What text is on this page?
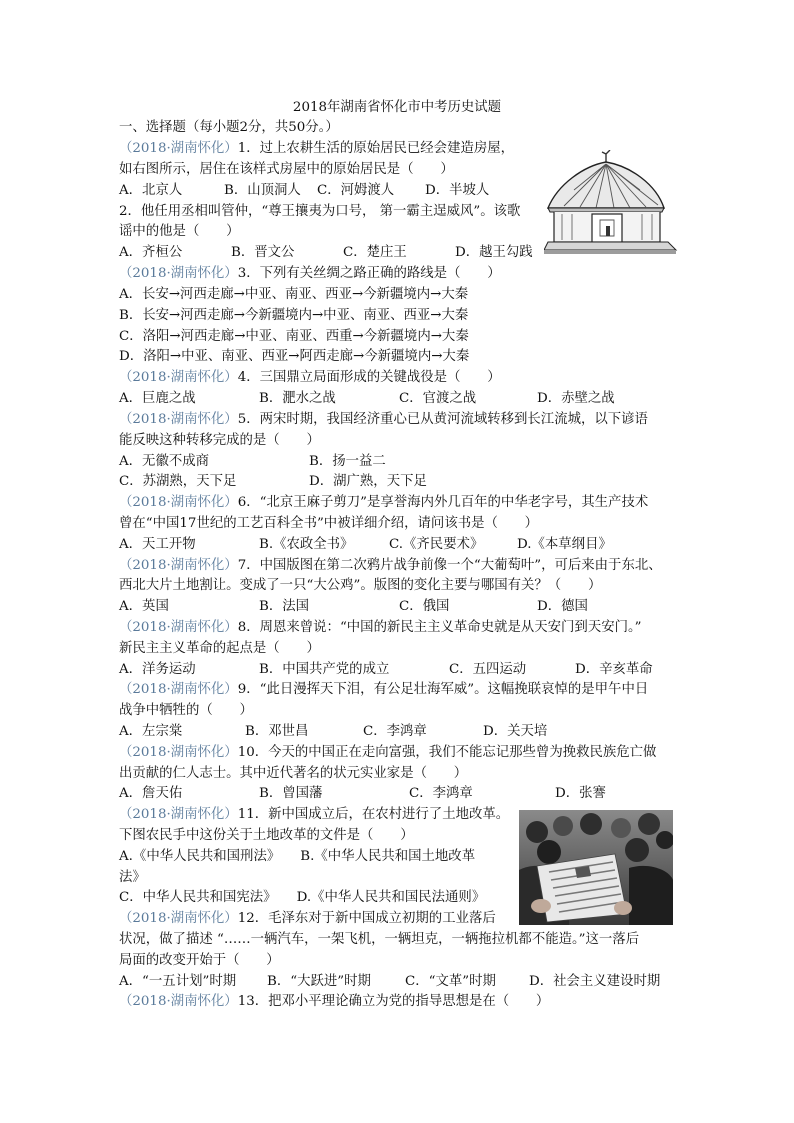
2018年湖南省怀化市中考历史试题
一、选择题（每小题2分，共50分。）
（2018·湖南怀化）1．过上农耕生活的原始居民已经会建造房屋，
如右图所示，居住在该样式房屋中的原始居民是（　　）
A．北京人	B．山顶洞人 C．河姆渡人 D．半坡人
2．他任用丞相叫管仲，“尊王攘夷为口号， 第一霸主逞威风”。该歌
谣中的他是（　　）
A．齐桓公	B．晋文公	C．楚庄王	D．越王勾践
（2018·湖南怀化）3．下列有关丝绸之路正确的路线是（　　）
A．长安→河西走廊→中亚、南亚、西亚→今新疆境内→大秦
B．长安→河西走廊→今新疆境内→中亚、南亚、西亚→大秦
C．洛阳→河西走廊→中亚、南亚、西重→今新疆境内→大秦
D．洛阳→中亚、南亚、西亚→阿西走廊→今新疆境内→大秦
（2018·湖南怀化）4．三国鼎立局面形成的关键战役是（　　）
A．巨鹿之战	B．淝水之战	C．官渡之战	D．赤壁之战
（2018·湖南怀化）5．两宋时期，我国经济重心已从黄河流域转移到长江流城，以下谚语
能反映这种转移完成的是（　　）
A．无徽不成商	B．扬一益二
C．苏湖熟，天下足	D．湖广熟，天下足
（2018·湖南怀化）6．“北京王麻子剪刀”是享誉海内外几百年的中华老字号，其生产技术
曾在“中国17世纪的工艺百科全书”中被详细介绍，请问该书是（　　）
A．天工开物	B.《农政全书》	C.《齐民要术》	D.《本草纲目》
（2018·湖南怀化）7．中国版图在第二次鸦片战争前像一个“大葡萄叶”，可后来由于东北、
西北大片土地割让。变成了一只“大公鸡”。版图的变化主要与哪国有关？（　　）
A．英国	B．法国	C．俄国	D．德国
（2018·湖南怀化）8．周恩来曾说：“中国的新民主主义革命史就是从天安门到天安门。”
新民主主义革命的起点是（　　）
A．洋务运动	B．中国共产党的成立	C．五四运动	D．辛亥革命
（2018·湖南怀化）9．“此日漫挥天下泪，有公足壮海军威”。这幅挽联哀悼的是甲午中日
战争中牺牲的（　　）
A．左宗棠	B．邓世昌	C．李鸿章	D．关天培
（2018·湖南怀化）10．今天的中国正在走向富强，我们不能忘记那些曾为挽救民族危亡做
出贡献的仁人志士。其中近代著名的状元实业家是（　　）
A．詹天佑	B．曾国藩	C．李鸿章	D．张謇
（2018·湖南怀化）11．新中国成立后，在农村进行了土地改革。
下图农民手中这份关于土地改革的文件是（　　）
A.《中华人民共和国刑法》　　B.《中华人民共和国土地改革
法》
C．中华人民共和国宪法》　　D.《中华人民共和国民法通则》
（2018·湖南怀化）12．毛泽东对于新中国成立初期的工业落后
状况，做了描述 “……一辆汽车，一架飞机，一辆坦克，一辆拖拉机都不能造。”这一落后
局面的改变开始于（　　）
A．“一五计划”时期 B．“大跃进”时期	C．“文革”时期 D．社会主义建设时期
（2018·湖南怀化）13．把邓小平理论确立为党的指导思想是在（　　）
